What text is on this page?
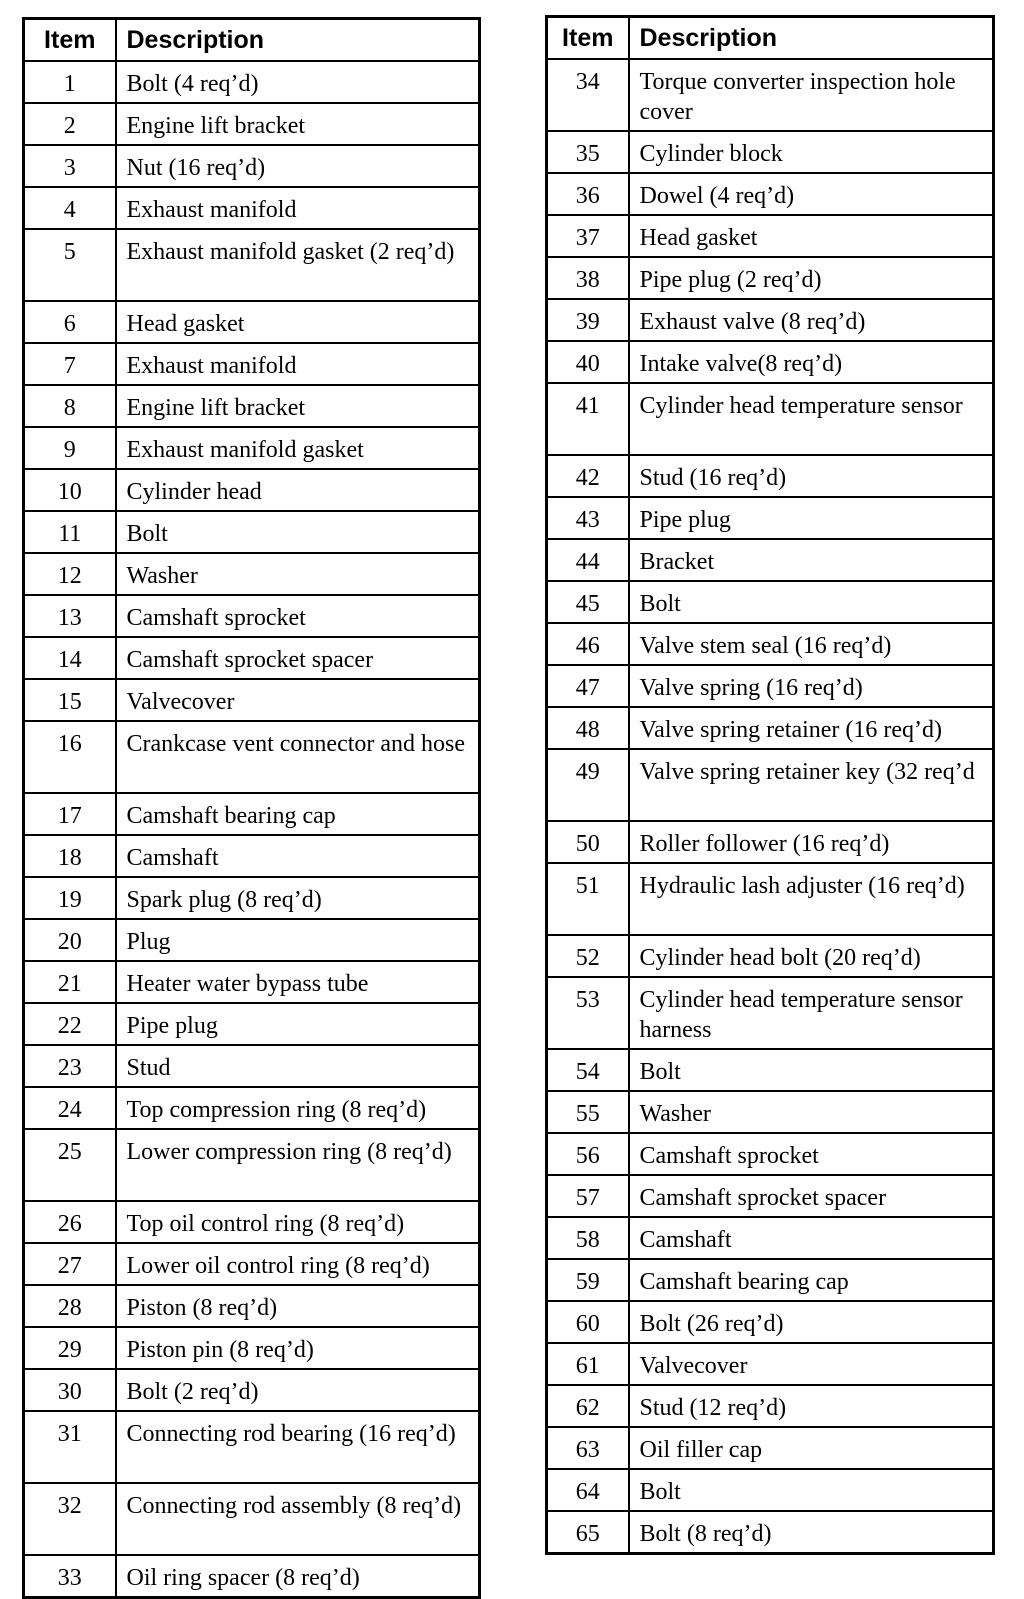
Item	Description
1	Bolt (4 req’d)
2	Engine lift bracket
3	Nut (16 req’d)
4	Exhaust manifold
5	Exhaust manifold gasket (2 req’d)
6	Head gasket
7	Exhaust manifold
8	Engine lift bracket
9	Exhaust manifold gasket
10	Cylinder head
11	Bolt
12	Washer
13	Camshaft sprocket
14	Camshaft sprocket spacer
15	Valvecover
16	Crankcase vent connector and hose
17	Camshaft bearing cap
18	Camshaft
19	Spark plug (8 req’d)
20	Plug
21	Heater water bypass tube
22	Pipe plug
23	Stud
24	Top compression ring (8 req’d)
25	Lower compression ring (8 req’d)
26	Top oil control ring (8 req’d)
27	Lower oil control ring (8 req’d)
28	Piston (8 req’d)
29	Piston pin (8 req’d)
30	Bolt (2 req’d)
31	Connecting rod bearing (16 req’d)
32	Connecting rod assembly (8 req’d)
33	Oil ring spacer (8 req’d)
Item	Description
34	Torque converter inspection hole cover
35	Cylinder block
36	Dowel (4 req’d)
37	Head gasket
38	Pipe plug (2 req’d)
39	Exhaust valve (8 req’d)
40	Intake valve(8 req’d)
41	Cylinder head temperature sensor
42	Stud (16 req’d)
43	Pipe plug
44	Bracket
45	Bolt
46	Valve stem seal (16 req’d)
47	Valve spring (16 req’d)
48	Valve spring retainer (16 req’d)
49	Valve spring retainer key (32 req’d
50	Roller follower (16 req’d)
51	Hydraulic lash adjuster (16 req’d)
52	Cylinder head bolt (20 req’d)
53	Cylinder head temperature sensor harness
54	Bolt
55	Washer
56	Camshaft sprocket
57	Camshaft sprocket spacer
58	Camshaft
59	Camshaft bearing cap
60	Bolt (26 req’d)
61	Valvecover
62	Stud (12 req’d)
63	Oil filler cap
64	Bolt
65	Bolt (8 req’d)
